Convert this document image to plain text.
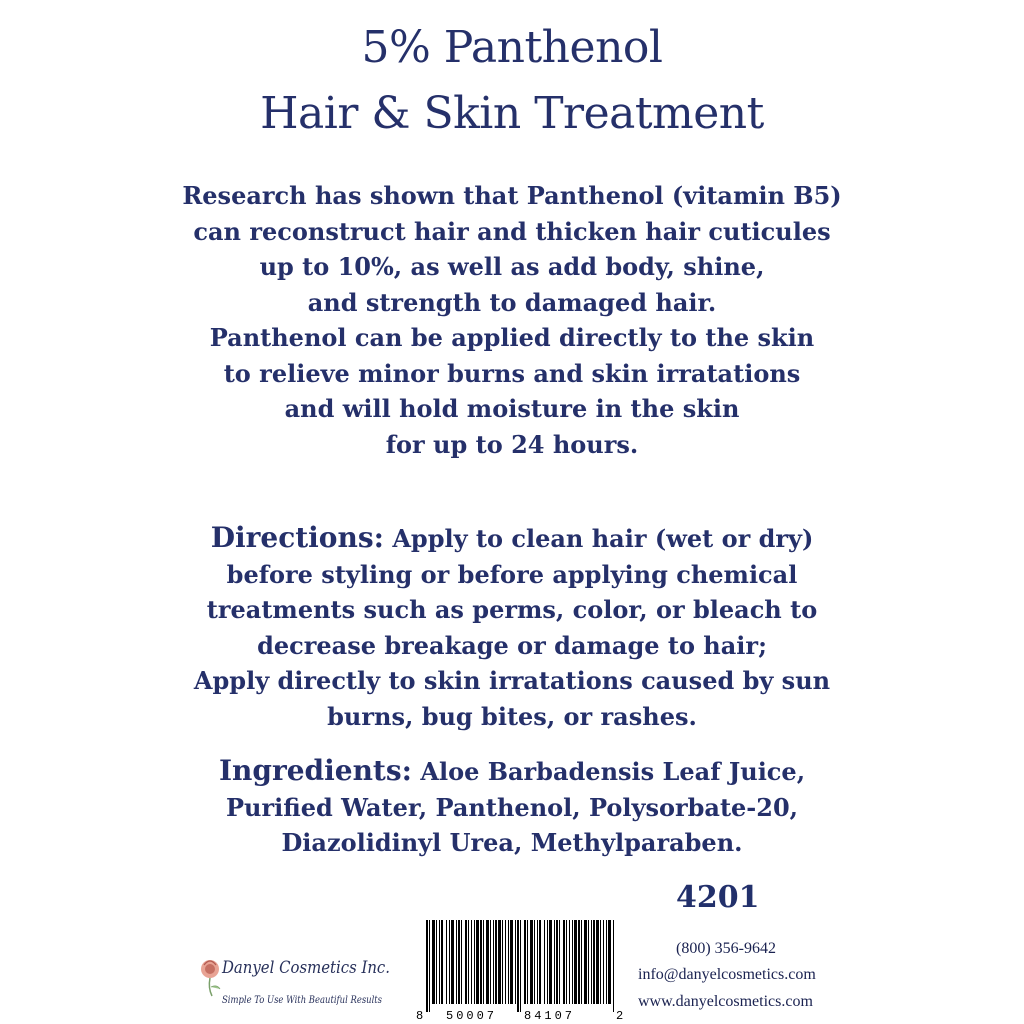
5% Panthenol
Hair & Skin Treatment
Research has shown that Panthenol (vitamin B5)
can reconstruct hair and thicken hair cuticules
up to 10%, as well as add body, shine,
and strength to damaged hair.
Panthenol can be applied directly to the skin
to relieve minor burns and skin irratations
and will hold moisture in the skin
for up to 24 hours.
Directions: Apply to clean hair (wet or dry)
before styling or before applying chemical
treatments such as perms, color, or bleach to
decrease breakage or damage to hair;
Apply directly to skin irratations caused by sun
burns, bug bites, or rashes.
Ingredients: Aloe Barbadensis Leaf Juice,
Purified Water, Panthenol, Polysorbate-20,
Diazolidinyl Urea, Methylparaben.
4201
Danyel Cosmetics Inc.
Simple To Use With Beautiful Results
8 50007 84107	2
(800) 356-9642
info@danyelcosmetics.com
www.danyelcosmetics.com
